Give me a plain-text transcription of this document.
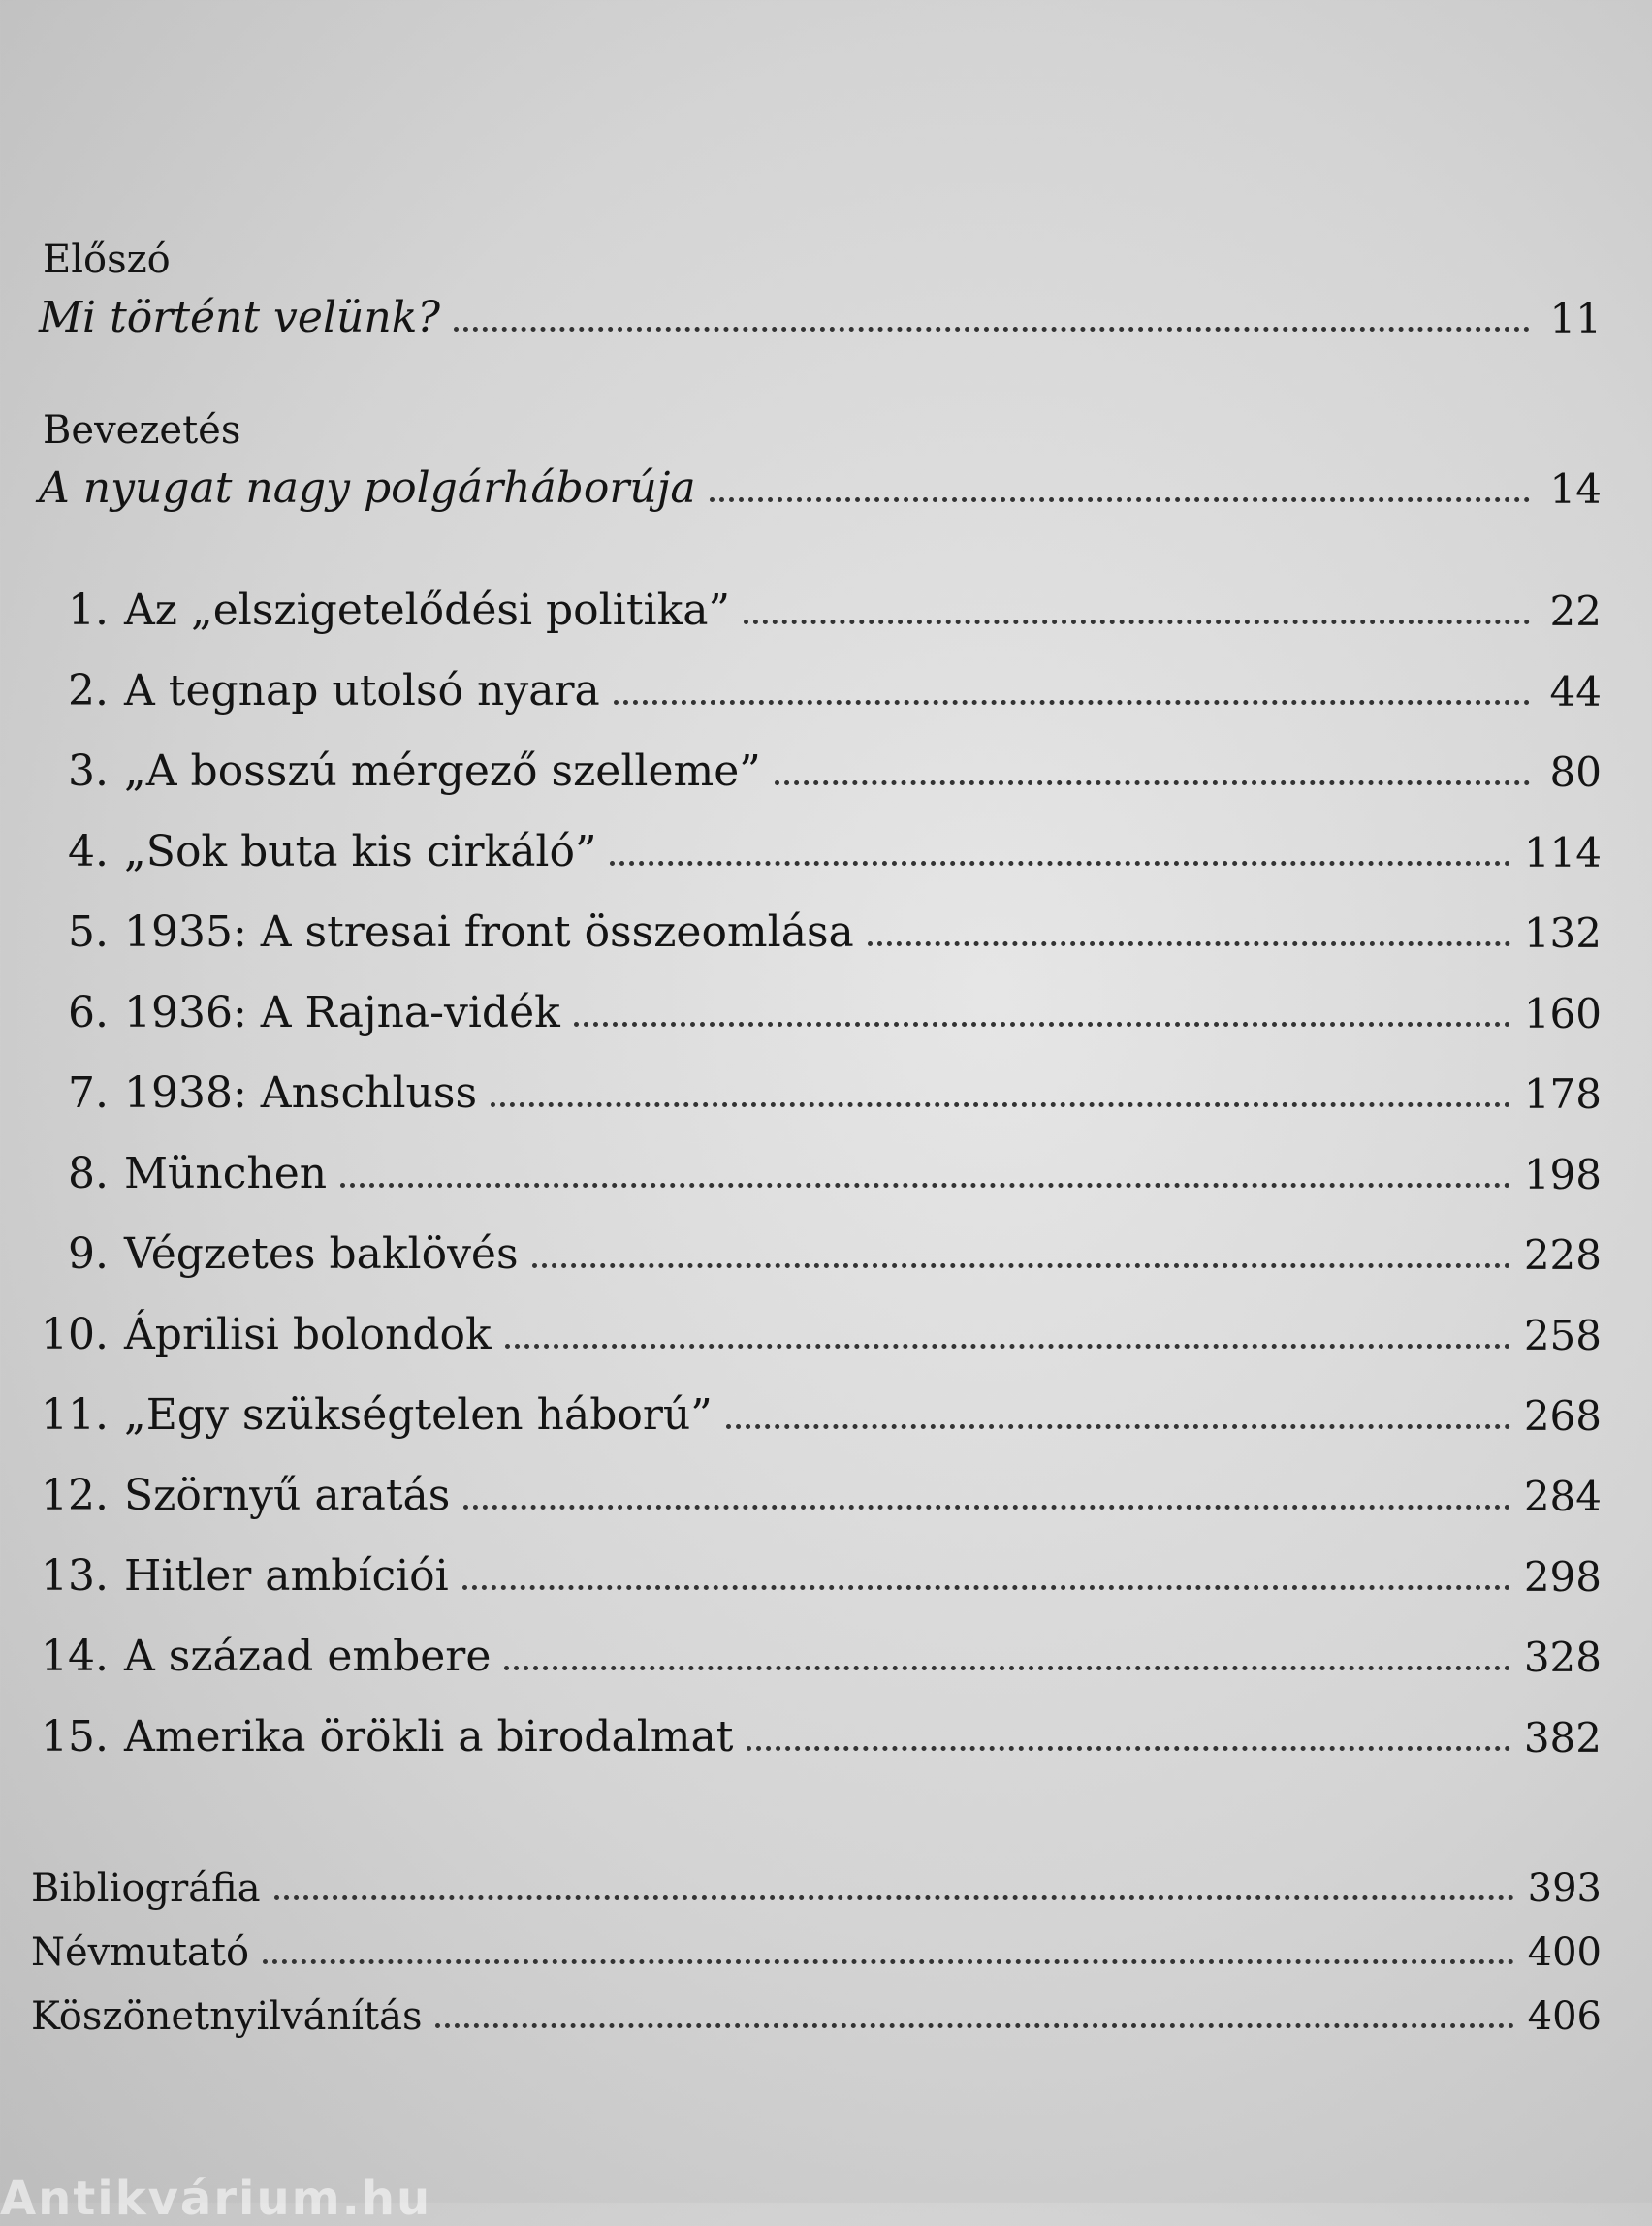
Előszó
Mi történt velünk?	11
Bevezetés
A nyugat nagy polgárháborúja	14
1. Az „elszigetelődési politika”	22
2. A tegnap utolsó nyara	44
3. „A bosszú mérgező szelleme”	80
4. „Sok buta kis cirkáló”	114
5. 1935: A stresai front összeomlása	132
6. 1936: A Rajna-vidék	160
7. 1938: Anschluss	178
8. München	198
9. Végzetes baklövés	228
10. Áprilisi bolondok	258
11. „Egy szükségtelen háború”	268
12. Szörnyű aratás	284
13. Hitler ambíciói	298
14. A század embere	328
15. Amerika örökli a birodalmat	382
Bibliográfia	393
Névmutató	400
Köszönetnyilvánítás	406
Antikvárium.hu
